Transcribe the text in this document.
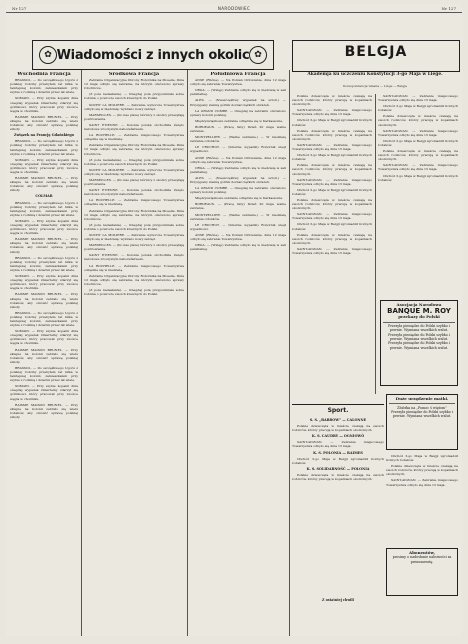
Nr 127	NARODOWIEC	Nr 127
✿ Wiadomości z innych okolic ✿
Wschodnia Francja

BRASSOL. — Do szczęśliwego Ugoru z polskiej rodziny przebyłem lat kilka w tamtejszej kolonii, zamieszkałem przy szybie z rodziną i dziećmi przez lat wiele.

SOMAIN. — Przy szybie kopalni dnia onegdaj wypadek śmiertelny zdarzył się górnikowi, który pracował przy zwózce węgla w chodniku.

RAISME MAISON BRUNEL. — Przy sklepie na kolonii zebrało się wielu rodaków, aby omówić sprawę polskiej szkoły.

Związek na Francję Gdańskiego

BRASSOL. — Do szczęśliwego Ugoru z polskiej rodziny przebyłem lat kilka w tamtejszej kolonii, zamieszkałem przy szybie z rodziną i dziećmi przez lat wiele.

SOMAIN. — Przy szybie kopalni dnia onegdaj wypadek śmiertelny zdarzył się górnikowi, który pracował przy zwózce węgla w chodniku.

RAISME MAISON BRUNEL. — Przy sklepie na kolonii zebrało się wielu rodaków, aby omówić sprawę polskiej szkoły.

COLMAR

BRASSOL. — Do szczęśliwego Ugoru z polskiej rodziny przebyłem lat kilka w tamtejszej kolonii, zamieszkałem przy szybie z rodziną i dziećmi przez lat wiele.

SOMAIN. — Przy szybie kopalni dnia onegdaj wypadek śmiertelny zdarzył się górnikowi, który pracował przy zwózce węgla w chodniku.

RAISME MAISON BRUNEL. — Przy sklepie na kolonii zebrało się wielu rodaków, aby omówić sprawę polskiej szkoły.

BRASSOL. — Do szczęśliwego Ugoru z polskiej rodziny przebyłem lat kilka w tamtejszej kolonii, zamieszkałem przy szybie z rodziną i dziećmi przez lat wiele.

SOMAIN. — Przy szybie kopalni dnia onegdaj wypadek śmiertelny zdarzył się górnikowi, który pracował przy zwózce węgla w chodniku.

RAISME MAISON BRUNEL. — Przy sklepie na kolonii zebrało się wielu rodaków, aby omówić sprawę polskiej szkoły.

BRASSOL. — Do szczęśliwego Ugoru z polskiej rodziny przebyłem lat kilka w tamtejszej kolonii, zamieszkałem przy szybie z rodziną i dziećmi przez lat wiele.

SOMAIN. — Przy szybie kopalni dnia onegdaj wypadek śmiertelny zdarzył się górnikowi, który pracował przy zwózce węgla w chodniku.

RAISME MAISON BRUNEL. — Przy sklepie na kolonii zebrało się wielu rodaków, aby omówić sprawę polskiej szkoły.

BRASSOL. — Do szczęśliwego Ugoru z polskiej rodziny przebyłem lat kilka w tamtejszej kolonii, zamieszkałem przy szybie z rodziną i dziećmi przez lat wiele.

SOMAIN. — Przy szybie kopalni dnia onegdaj wypadek śmiertelny zdarzył się górnikowi, który pracował przy zwózce węgla w chodniku.

RAISME MAISON BRUNEL. — Przy sklepie na kolonii zebrało się wielu rodaków, aby omówić sprawę polskiej szkoły.

Środkowa Francja

Zebranie Organizacyjne Obrony Robotnika na Moselle. Dnia 12 maja odbyło się zebranie, na którym omówiono sprawy robotnicze.

(Z pola nadesłania). — Onegdaj pola przypomniała sobie rodzina o powrocie swoich krewnych do Polski.

SOCHY LA MOLIERE. — Zebranie wyborcze Towarzystwa odbyło się w niedzielę; wybrano nowy zarząd.

MARSEILLES. — (Do nas pisze) Górnicy z okolicy przesyłają pozdrowienia.

SAINT ETIENNE. — Kolonia polska obchodziła święto narodowe uroczystym nabożeństwem.

LA ROCHELLE. — Zebranie miejscowego Towarzystwa odbędzie się w niedzielę.

Zebranie Organizacyjne Obrony Robotnika na Moselle. Dnia 12 maja odbyło się zebranie, na którym omówiono sprawy robotnicze.

(Z pola nadesłania). — Onegdaj pola przypomniała sobie rodzina o powrocie swoich krewnych do Polski.

SOCHY LA MOLIERE. — Zebranie wyborcze Towarzystwa odbyło się w niedzielę; wybrano nowy zarząd.

MARSEILLES. — (Do nas pisze) Górnicy z okolicy przesyłają pozdrowienia.

SAINT ETIENNE. — Kolonia polska obchodziła święto narodowe uroczystym nabożeństwem.

LA ROCHELLE. — Zebranie miejscowego Towarzystwa odbędzie się w niedzielę.

Zebranie Organizacyjne Obrony Robotnika na Moselle. Dnia 12 maja odbyło się zebranie, na którym omówiono sprawy robotnicze.

(Z pola nadesłania). — Onegdaj pola przypomniała sobie rodzina o powrocie swoich krewnych do Polski.

SOCHY LA MOLIERE. — Zebranie wyborcze Towarzystwa odbyło się w niedzielę; wybrano nowy zarząd.

MARSEILLES. — (Do nas pisze) Górnicy z okolicy przesyłają pozdrowienia.

SAINT ETIENNE. — Kolonia polska obchodziła święto narodowe uroczystym nabożeństwem.

LA ROCHELLE. — Zebranie miejscowego Towarzystwa odbędzie się w niedzielę.

Zebranie Organizacyjne Obrony Robotnika na Moselle. Dnia 12 maja odbyło się zebranie, na którym omówiono sprawy robotnicze.

(Z pola nadesłania). — Onegdaj pola przypomniała sobie rodzina o powrocie swoich krewnych do Polski.

Południowa Francja

ANSE (Rhône). — Na Poman Orłowianie, dnia 12 maja odbyło się zebranie Towarzystwa.

ORGA. — (Wstęp) Zebranie odbyło się w niedzielę w sali parafialnej.

ALES. — (Nieszczęśliwy wypadek na sztoli.) — Przysypany ziemią górnik doznał ciężkich obrażeń.

LA GRAND COMBE. — Onegdaj na zebraniu omówiono sprawy kolonii polskiej.

Międzyzwiązkowe zebranie odbędzie się w Karkassonie.

BORDEAUX. — (Pracę listy) Dzień 20 maja walne zebranie.

MONTPELLIER. — (Walne zebranie.) — W niedzielę zebranie członków.

LE CRUCHOT. — (Smutne wypadki) Robotnik uległ wypadkowi.

ANSE (Rhône). — Na Poman Orłowianie, dnia 12 maja odbyło się zebranie Towarzystwa.

ORGA. — (Wstęp) Zebranie odbyło się w niedzielę w sali parafialnej.

ALES. — (Nieszczęśliwy wypadek na sztoli.) — Przysypany ziemią górnik doznał ciężkich obrażeń.

LA GRAND COMBE. — Onegdaj na zebraniu omówiono sprawy kolonii polskiej.

Międzyzwiązkowe zebranie odbędzie się w Karkassonie.

BORDEAUX. — (Pracę listy) Dzień 20 maja walne zebranie.

MONTPELLIER. — (Walne zebranie.) — W niedzielę zebranie członków.

LE CRUCHOT. — (Smutne wypadki) Robotnik uległ wypadkowi.

ANSE (Rhône). — Na Poman Orłowianie, dnia 12 maja odbyło się zebranie Towarzystwa.

ORGA. — (Wstęp) Zebranie odbyło się w niedzielę w sali parafialnej.

BELGJA
Akademja ku uczczeniu Konstytucji 3-go Maja w Liège.
Korespondencja własna — Liège — Belgja

Polskie dziewczęta w mieście czekają na swoich rodziców, którzy pracują w kopalniach okolicznych.

SAINT-AIGNAN. — Zebranie miejscowego Towarzystwa odbyło się dnia 13 maja.

Obchód 3-go Maja w Belgji zgromadził licznych rodaków.

Polskie dziewczęta w mieście czekają na swoich rodziców, którzy pracują w kopalniach okolicznych.

SAINT-AIGNAN. — Zebranie miejscowego Towarzystwa odbyło się dnia 13 maja.

Obchód 3-go Maja w Belgji zgromadził licznych rodaków.

Polskie dziewczęta w mieście czekają na swoich rodziców, którzy pracują w kopalniach okolicznych.

SAINT-AIGNAN. — Zebranie miejscowego Towarzystwa odbyło się dnia 13 maja.

Obchód 3-go Maja w Belgji zgromadził licznych rodaków.

Polskie dziewczęta w mieście czekają na swoich rodziców, którzy pracują w kopalniach okolicznych.

SAINT-AIGNAN. — Zebranie miejscowego Towarzystwa odbyło się dnia 13 maja.

Obchód 3-go Maja w Belgji zgromadził licznych rodaków.

Polskie dziewczęta w mieście czekają na swoich rodziców, którzy pracują w kopalniach okolicznych.

SAINT-AIGNAN. — Zebranie miejscowego Towarzystwa odbyło się dnia 13 maja.

SAINT-AIGNAN. — Zebranie miejscowego Towarzystwa odbyło się dnia 13 maja.

Obchód 3-go Maja w Belgji zgromadził licznych rodaków.

Polskie dziewczęta w mieście czekają na swoich rodziców, którzy pracują w kopalniach okolicznych.

SAINT-AIGNAN. — Zebranie miejscowego Towarzystwa odbyło się dnia 13 maja.

Obchód 3-go Maja w Belgji zgromadził licznych rodaków.

Polskie dziewczęta w mieście czekają na swoich rodziców, którzy pracują w kopalniach okolicznych.

SAINT-AIGNAN. — Zebranie miejscowego Towarzystwa odbyło się dnia 13 maja.

Obchód 3-go Maja w Belgji zgromadził licznych rodaków.

Asocjacja Narodowa
BANQUE M. ROY
przekazy do Polski
Przesyła pieniądze do Polski szybko i pewnie. Wymiana wszelkich walut.
Przesyła pieniądze do Polski szybko i pewnie. Wymiana wszelkich walut.
Przesyła pieniądze do Polski szybko i pewnie. Wymiana wszelkich walut.
Sport.
S. S. „BARROW” — CALONNE

Polskie dziewczęta w mieście czekają na swoich rodziców, którzy pracują w kopalniach okolicznych.

K. S. CAUDRY — OGNIOWÓ

SAINT-AIGNAN. — Zebranie miejscowego Towarzystwa odbyło się dnia 13 maja.

K. S. POLONIA — RAIMES

Obchód 3-go Maja w Belgji zgromadził licznych rodaków.

K. S. SOLIDARNOŚĆ — POLONIA

Polskie dziewczęta w mieście czekają na swoich rodziców, którzy pracują w kopalniach okolicznych.

Duże urzędzenie matki.
Zbiórka na „Pomoc ś więtom”
Przesyła pieniądze do Polski szybko i pewnie. Wymiana wszelkich walut.

Obchód 3-go Maja w Belgji zgromadził licznych rodaków.

Polskie dziewczęta w mieście czekają na swoich rodziców, którzy pracują w kopalniach okolicznych.

SAINT-AIGNAN. — Zebranie miejscowego Towarzystwa odbyło się dnia 13 maja.

Abonentów,
prosimy o nadesłanie należności za prenumeratę.
Z ostatniej chwili
